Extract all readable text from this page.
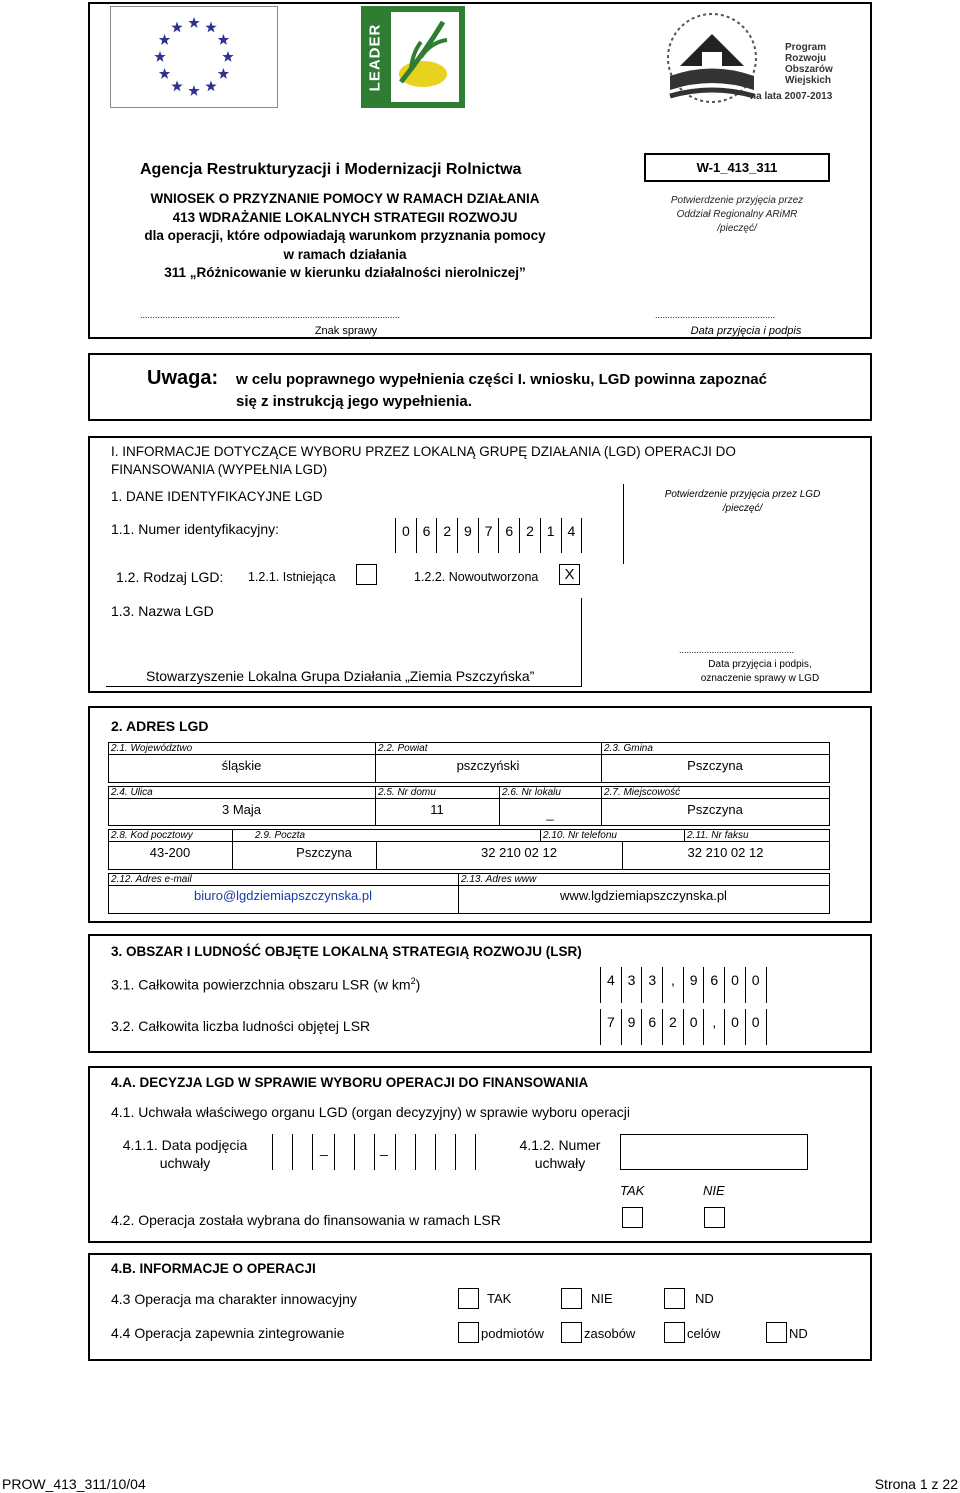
LEADER	Program
Rozwoju
Obszarów
Wiejskich
na lata 2007-2013
Agencja Restrukturyzacji i Modernizacji Rolnictwa
WNIOSEK O PRZYZNANIE POMOCY W RAMACH DZIAŁANIA
413 WDRAŻANIE LOKALNYCH STRATEGII ROZWOJU
dla operacji, które odpowiadają warunkom przyznania pomocy
w ramach działania
311 „Różnicowanie w kierunku działalności nierolniczej”
W-1_413_311
Potwierdzenie przyjęcia przez
Oddział Regionalny ARiMR
/pieczęć/
........................................................................................................
Znak sprawy
................................................
Data przyjęcia i podpis
Uwaga: w celu poprawnego wypełnienia części I. wniosku, LGD powinna zapoznać
się z instrukcją jego wypełnienia.
I. INFORMACJE DOTYCZĄCE WYBORU PRZEZ LOKALNĄ GRUPĘ DZIAŁANIA (LGD) OPERACJI DO
FINANSOWANIA (WYPEŁNIA LGD)
1. DANE IDENTYFIKACYJNE LGD	Potwierdzenie przyjęcia przez LGD
/pieczęć/
1.1. Numer identyfikacyjny:	0 6 2 9 7 6 2 1 4
1.2. Rodzaj LGD: 1.2.1. Istniejąca	1.2.2. Nowoutworzona	X
1.3. Nazwa LGD
Stowarzyszenie Lokalna Grupa Działania „Ziemia Pszczyńska”
..............................................
Data przyjęcia i podpis,
oznaczenie sprawy w LGD
2. ADRES LGD
2.1. Województwo	2.2. Powiat	2.3. Gmina
śląskie	pszczyński	Pszczyna
2.4. Ulica	2.5. Nr domu	2.6. Nr lokalu	2.7. Miejscowość
3 Maja	11	_	Pszczyna
2.8. Kod pocztowy	2.9. Poczta	2.10. Nr telefonu	2.11. Nr faksu
43-200	Pszczyna	32 210 02 12	32 210 02 12
2.12. Adres e-mail	2.13. Adres www
biuro@lgdziemiapszczynska.pl	www.lgdziemiapszczynska.pl
3. OBSZAR I LUDNOŚĆ OBJĘTE LOKALNĄ STRATEGIĄ ROZWOJU (LSR)
3.1. Całkowita powierzchnia obszaru LSR (w $km^2$)	4 3 3	,	9 6 0 0
3.2. Całkowita liczba ludności objętej LSR	7 9 6 2 0	,	0 0
4.A. DECYZJA LGD W SPRAWIE WYBORU OPERACJI DO FINANSOWANIA
4.1. Uchwała właściwego organu LGD (organ decyzyjny) w sprawie wyboru operacji
4.1.1. Data podjęcia
uchwały
_	_	4.1.2. Numer
uchwały
TAK	NIE
4.2. Operacja została wybrana do finansowania w ramach LSR
4.B. INFORMACJE O OPERACJI
4.3 Operacja ma charakter innowacyjny	TAK	NIE	ND
4.4 Operacja zapewnia zintegrowanie	podmiotów	zasobów	celów	ND
PROW_413_311/10/04	Strona 1 z 22
